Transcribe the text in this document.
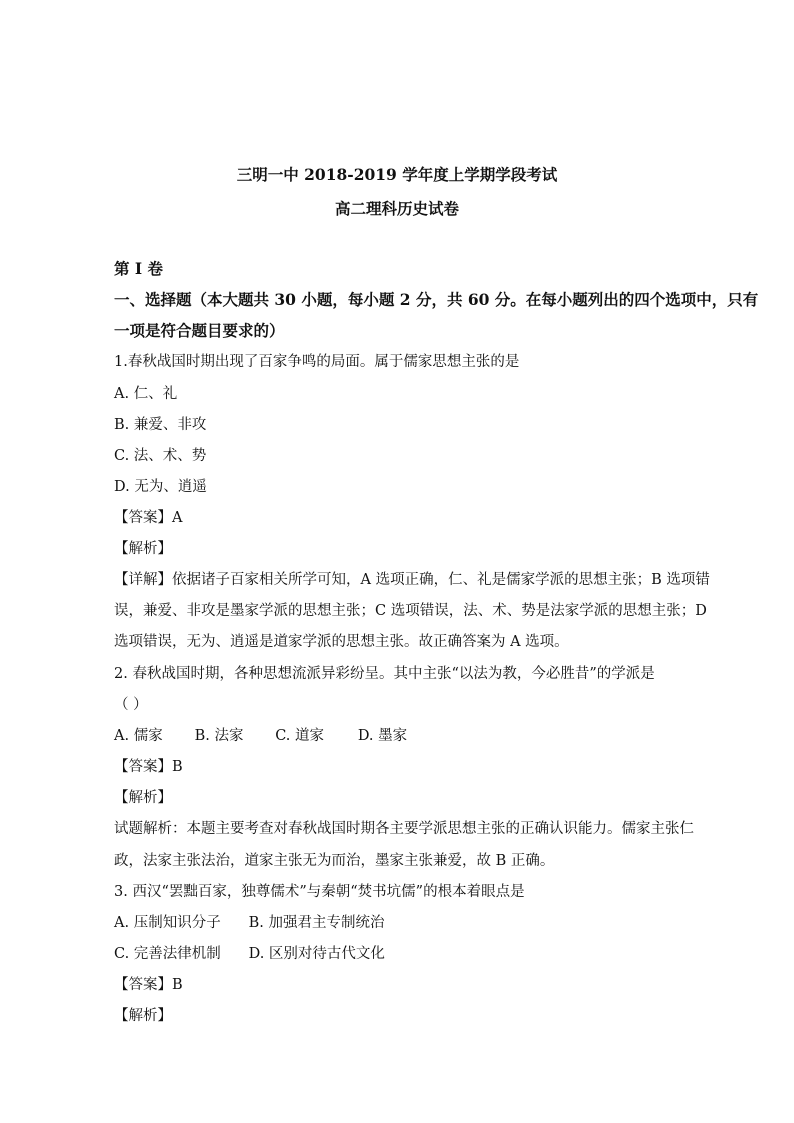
三明一中 2018-2019 学年度上学期学段考试
高二理科历史试卷
第 I 卷
一、选择题（本大题共 30 小题，每小题 2 分，共 60 分。在每小题列出的四个选项中，只有
一项是符合题目要求的）
1.春秋战国时期出现了百家争鸣的局面。属于儒家思想主张的是
A. 仁、礼
B. 兼爱、非攻
C. 法、术、势
D. 无为、逍遥
【答案】A
【解析】
【详解】依据诸子百家相关所学可知，A 选项正确，仁、礼是儒家学派的思想主张；B 选项错
误，兼爱、非攻是墨家学派的思想主张；C 选项错误，法、术、势是法家学派的思想主张；D
选项错误，无为、逍遥是道家学派的思想主张。故正确答案为 A 选项。
2. 春秋战国时期，各种思想流派异彩纷呈。其中主张“以法为教，今必胜昔”的学派是
（ ）
A. 儒家 B. 法家 C. 道家 D. 墨家
【答案】B
【解析】
试题解析：本题主要考查对春秋战国时期各主要学派思想主张的正确认识能力。儒家主张仁
政，法家主张法治，道家主张无为而治，墨家主张兼爱，故 B 正确。
3. 西汉“罢黜百家，独尊儒术”与秦朝“焚书坑儒”的根本着眼点是
A. 压制知识分子 B. 加强君主专制统治
C. 完善法律机制 D. 区别对待古代文化
【答案】B
【解析】
